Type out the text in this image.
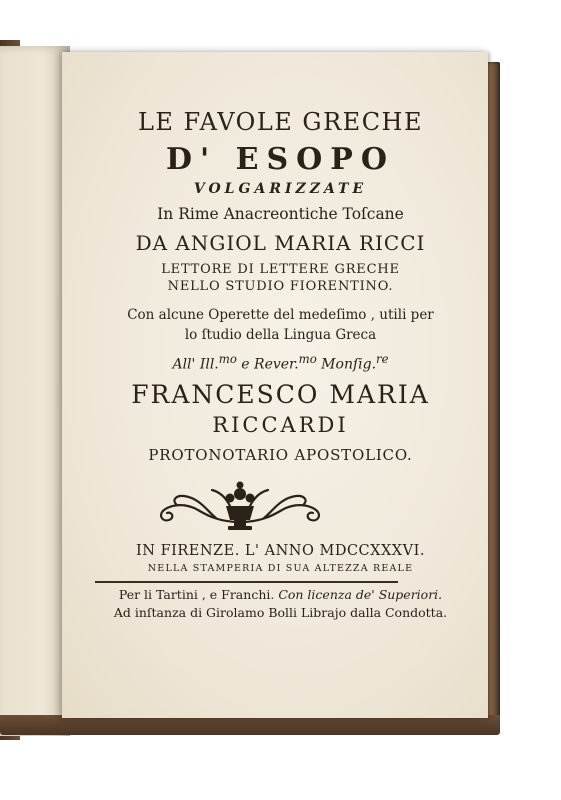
LE FAVOLE GRECHE
D' ESOPO
VOLGARIZZATE
In Rime Anacreontiche Toſcane
DA ANGIOL MARIA RICCI
LETTORE DI LETTERE GRECHE
NELLO STUDIO FIORENTINO.
Con alcune Operette del medeſimo , utili per
lo ſtudio della Lingua Greca
All' Ill.$^{mo}$ e Rever.$^{mo}$ Monſig.$^{re}$
FRANCESCO MARIA
RICCARDI
PROTONOTARIO APOSTOLICO.
IN FIRENZE. L' ANNO MDCCXXXVI.
NELLA STAMPERIA DI SUA ALTEZZA REALE
Per li Tartini , e Franchi. Con licenza de' Superiori.
Ad inſtanza di Girolamo Bolli Librajo dalla Condotta.
